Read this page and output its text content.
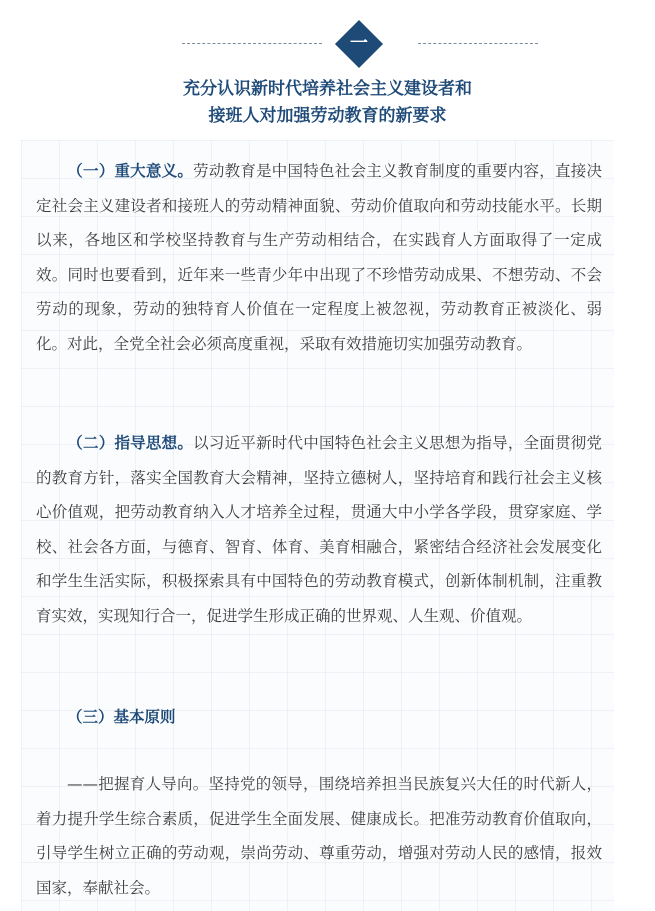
一
充分认识新时代培养社会主义建设者和
接班人对加强劳动教育的新要求
（一）重大意义。劳动教育是中国特色社会主义教育制度的重要内容，直接决定社会主义建设者和接班人的劳动精神面貌、劳动价值取向和劳动技能水平。长期以来，各地区和学校坚持教育与生产劳动相结合，在实践育人方面取得了一定成效。同时也要看到，近年来一些青少年中出现了不珍惜劳动成果、不想劳动、不会劳动的现象，劳动的独特育人价值在一定程度上被忽视，劳动教育正被淡化、弱化。对此，全党全社会必须高度重视，采取有效措施切实加强劳动教育。
（二）指导思想。以习近平新时代中国特色社会主义思想为指导，全面贯彻党的教育方针，落实全国教育大会精神，坚持立德树人，坚持培育和践行社会主义核心价值观，把劳动教育纳入人才培养全过程，贯通大中小学各学段，贯穿家庭、学校、社会各方面，与德育、智育、体育、美育相融合，紧密结合经济社会发展变化和学生生活实际，积极探索具有中国特色的劳动教育模式，创新体制机制，注重教育实效，实现知行合一，促进学生形成正确的世界观、人生观、价值观。
（三）基本原则
——把握育人导向。坚持党的领导，围绕培养担当民族复兴大任的时代新人，着力提升学生综合素质，促进学生全面发展、健康成长。把准劳动教育价值取向，引导学生树立正确的劳动观，崇尚劳动、尊重劳动，增强对劳动人民的感情，报效国家，奉献社会。
